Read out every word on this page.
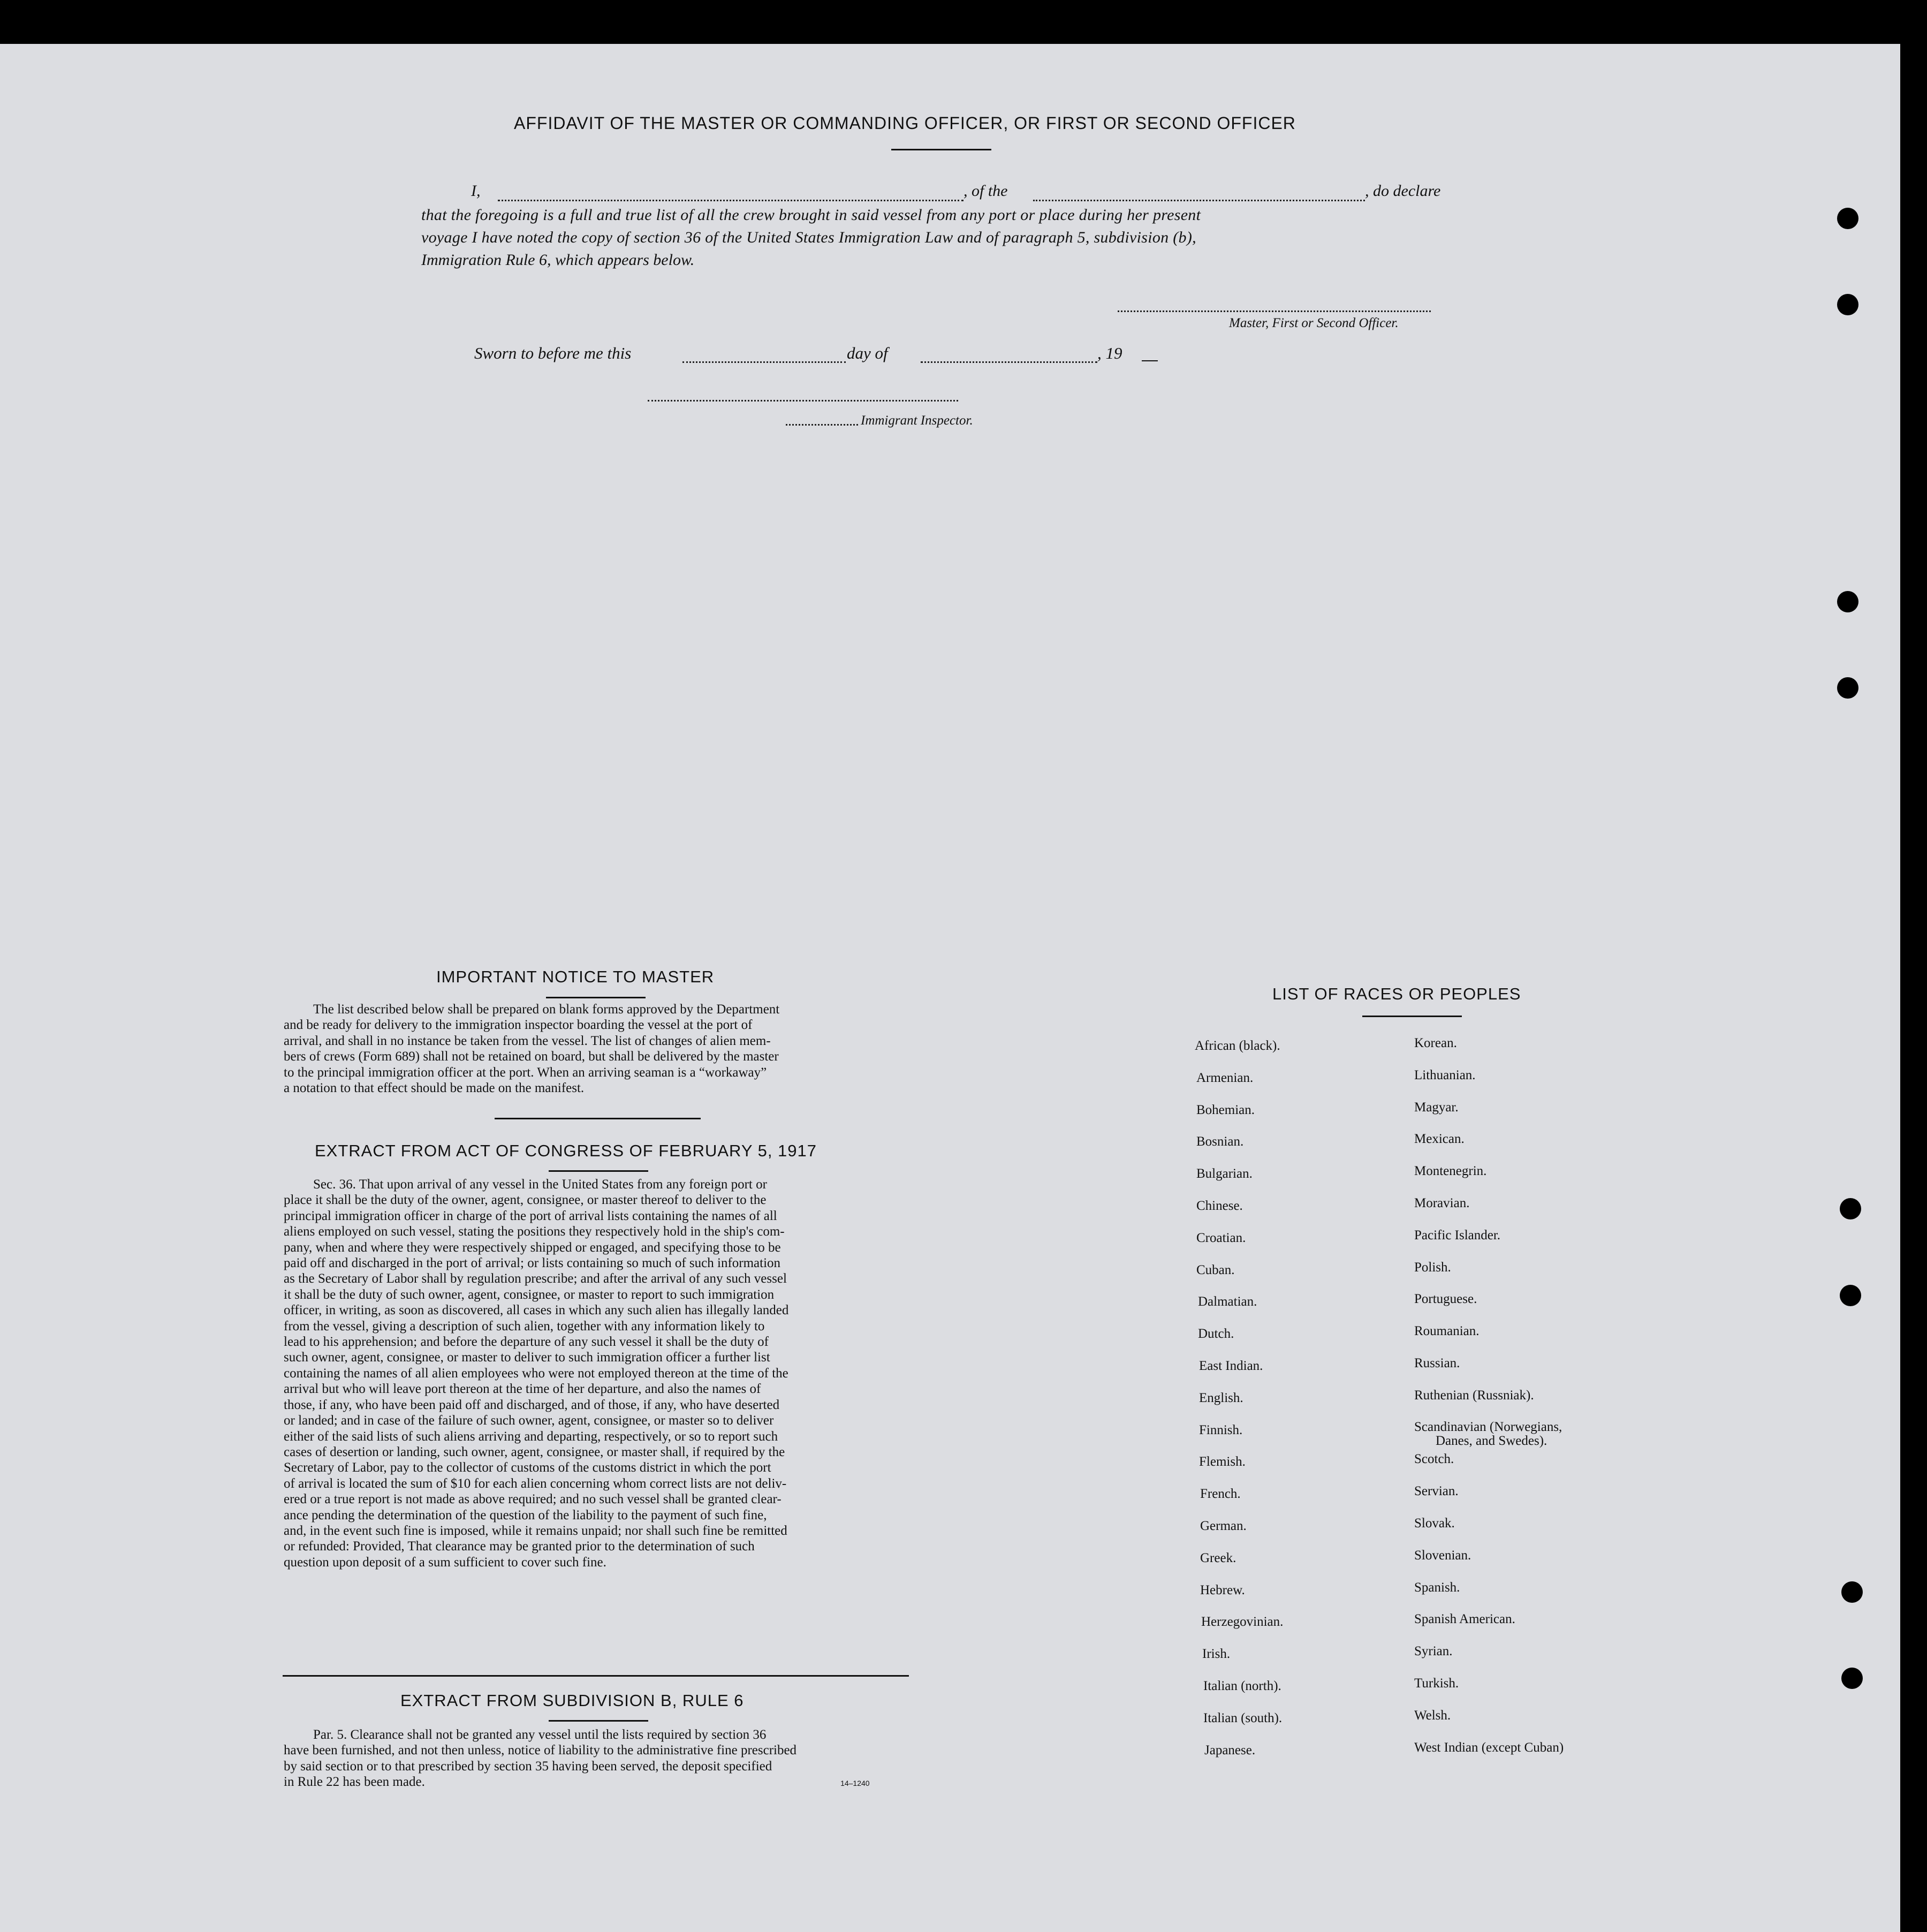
AFFIDAVIT OF THE MASTER OR COMMANDING OFFICER, OR FIRST OR SECOND OFFICER
I,	, of the	, do declare
that the foregoing is a full and true list of all the crew brought in said vessel from any port or place during her present
voyage I have noted the copy of section 36 of the United States Immigration Law and of paragraph 5, subdivision (b),
Immigration Rule 6, which appears below.
Master, First or Second Officer.
Sworn to before me this	day of	, 19
Immigrant Inspector.
IMPORTANT NOTICE TO MASTER
The list described below shall be prepared on blank forms approved by the Department
and be ready for delivery to the immigration inspector boarding the vessel at the port of
arrival, and shall in no instance be taken from the vessel. The list of changes of alien mem-
bers of crews (Form 689) shall not be retained on board, but shall be delivered by the master
to the principal immigration officer at the port. When an arriving seaman is a “workaway”
a notation to that effect should be made on the manifest.
EXTRACT FROM ACT OF CONGRESS OF FEBRUARY 5, 1917
Sec. 36. That upon arrival of any vessel in the United States from any foreign port or
place it shall be the duty of the owner, agent, consignee, or master thereof to deliver to the
principal immigration officer in charge of the port of arrival lists containing the names of all
aliens employed on such vessel, stating the positions they respectively hold in the ship's com-
pany, when and where they were respectively shipped or engaged, and specifying those to be
paid off and discharged in the port of arrival; or lists containing so much of such information
as the Secretary of Labor shall by regulation prescribe; and after the arrival of any such vessel
it shall be the duty of such owner, agent, consignee, or master to report to such immigration
officer, in writing, as soon as discovered, all cases in which any such alien has illegally landed
from the vessel, giving a description of such alien, together with any information likely to
lead to his apprehension; and before the departure of any such vessel it shall be the duty of
such owner, agent, consignee, or master to deliver to such immigration officer a further list
containing the names of all alien employees who were not employed thereon at the time of the
arrival but who will leave port thereon at the time of her departure, and also the names of
those, if any, who have been paid off and discharged, and of those, if any, who have deserted
or landed; and in case of the failure of such owner, agent, consignee, or master so to deliver
either of the said lists of such aliens arriving and departing, respectively, or so to report such
cases of desertion or landing, such owner, agent, consignee, or master shall, if required by the
Secretary of Labor, pay to the collector of customs of the customs district in which the port
of arrival is located the sum of $10 for each alien concerning whom correct lists are not deliv-
ered or a true report is not made as above required; and no such vessel shall be granted clear-
ance pending the determination of the question of the liability to the payment of such fine,
and, in the event such fine is imposed, while it remains unpaid; nor shall such fine be remitted
or refunded: Provided, That clearance may be granted prior to the determination of such
question upon deposit of a sum sufficient to cover such fine.
EXTRACT FROM SUBDIVISION B, RULE 6
Par. 5. Clearance shall not be granted any vessel until the lists required by section 36
have been furnished, and not then unless, notice of liability to the administrative fine prescribed
by said section or to that prescribed by section 35 having been served, the deposit specified
in Rule 22 has been made.	14–1240
LIST OF RACES OR PEOPLES
African (black).
Armenian.
Bohemian.
Bosnian.
Bulgarian.
Chinese.
Croatian.
Cuban.
Dalmatian.
Dutch.
East Indian.
English.
Finnish.
Flemish.
French.
German.
Greek.
Hebrew.
Herzegovinian.
Irish.
Italian (north).
Italian (south).
Japanese.
Korean.
Lithuanian.
Magyar.
Mexican.
Montenegrin.
Moravian.
Pacific Islander.
Polish.
Portuguese.
Roumanian.
Russian.
Ruthenian (Russniak).
Scandinavian (Norwegians,
Danes, and Swedes).
Scotch.
Servian.
Slovak.
Slovenian.
Spanish.
Spanish American.
Syrian.
Turkish.
Welsh.
West Indian (except Cuban)
